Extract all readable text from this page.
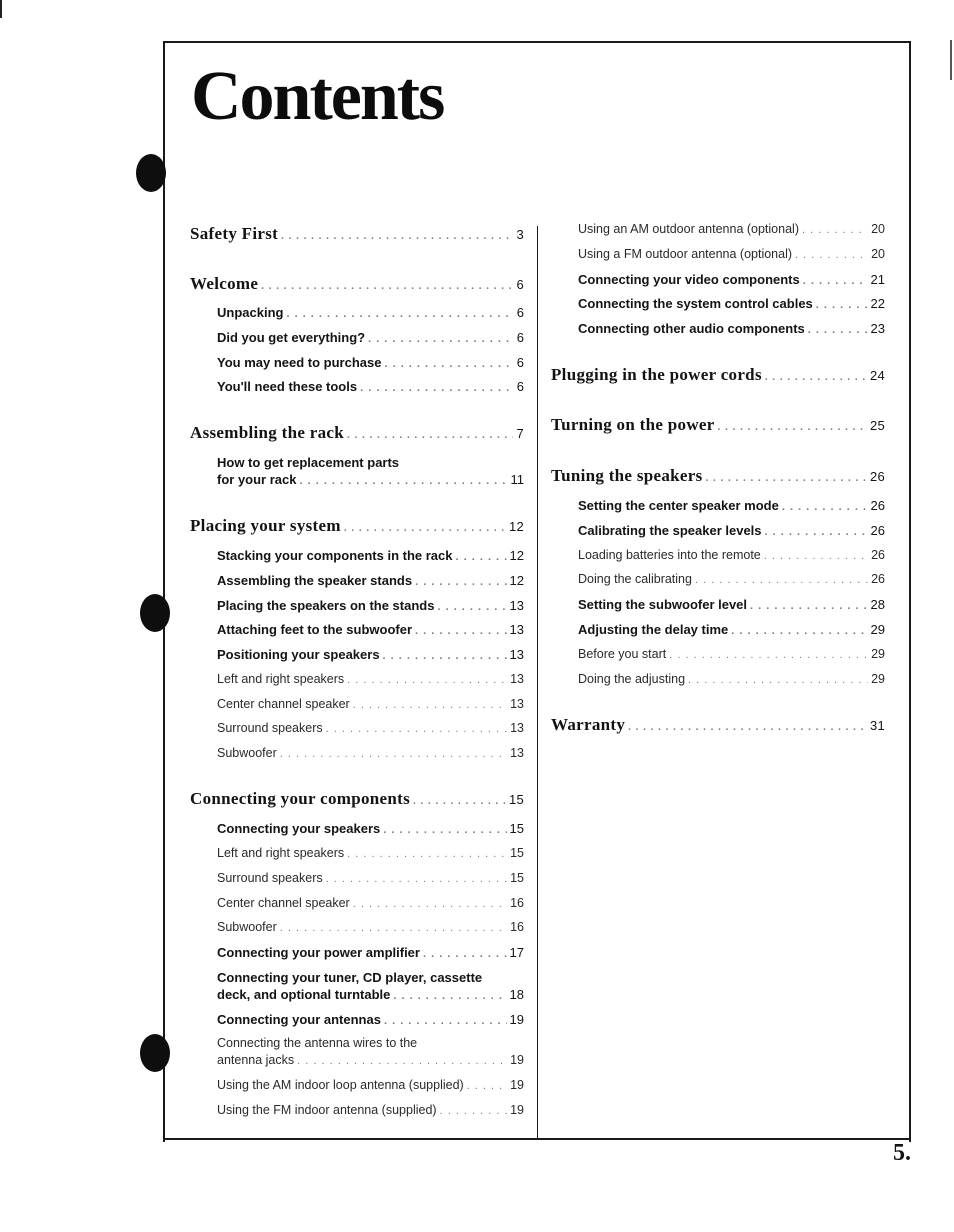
Contents
Safety First . . .	3
Welcome . . .	6
Unpacking . . .	6
Did you get everything? . . .	6
You may need to purchase . . .	6
You'll need these tools . . .	6
Assembling the rack . . .	7
How to get replacement parts
for your rack . . .	11
Placing your system . . .	12
Stacking your components in the rack . . .	12
Assembling the speaker stands . . .	12
Placing the speakers on the stands . . .	13
Attaching feet to the subwoofer . . .	13
Positioning your speakers . . .	13
Left and right speakers . . .	13
Center channel speaker . . .	13
Surround speakers . . .	13
Subwoofer . . .	13
Connecting your components . . .	15
Connecting your speakers . . .	15
Left and right speakers . . .	15
Surround speakers . . .	15
Center channel speaker . . .	16
Subwoofer . . .	16
Connecting your power amplifier . . .	17
Connecting your tuner, CD player, cassette
deck, and optional turntable . . .	18
Connecting your antennas . . .	19
Connecting the antenna wires to the
antenna jacks . . .	19
Using the AM indoor loop antenna (supplied) . . .	19
Using the FM indoor antenna (supplied) . . .	19
Using an AM outdoor antenna (optional) . . .	20
Using a FM outdoor antenna (optional) . . .	20
Connecting your video components . . .	21
Connecting the system control cables . . .	22
Connecting other audio components . . .	23
Plugging in the power cords . . .	24
Turning on the power . . .	25
Tuning the speakers . . .	26
Setting the center speaker mode . . .	26
Calibrating the speaker levels . . .	26
Loading batteries into the remote . . .	26
Doing the calibrating . . .	26
Setting the subwoofer level . . .	28
Adjusting the delay time . . .	29
Before you start . . .	29
Doing the adjusting . . .	29
Warranty . . .	31
5.
